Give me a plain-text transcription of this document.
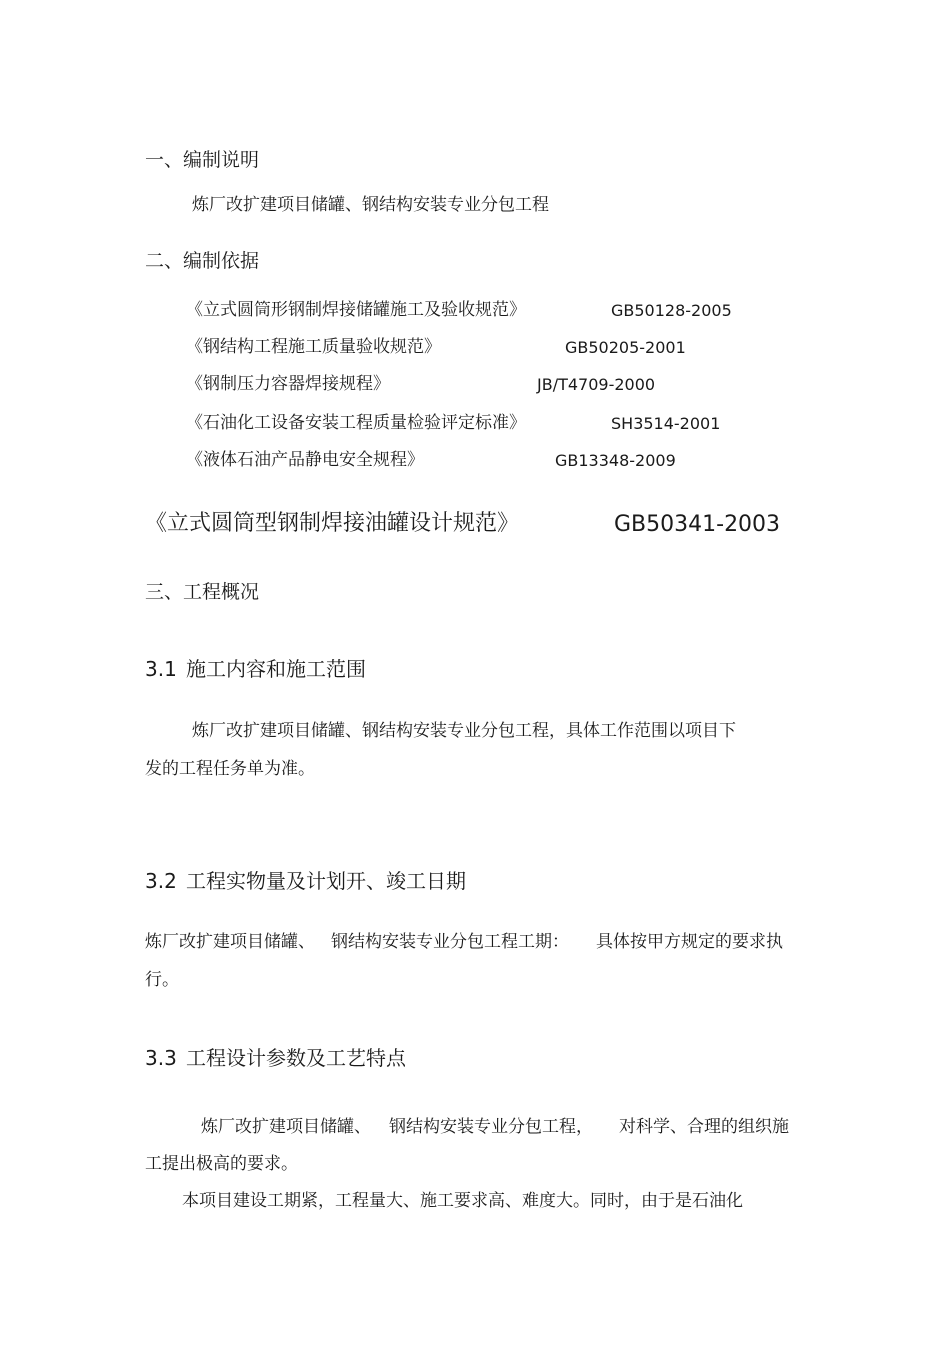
一、编制说明
炼厂改扩建项目储罐、钢结构安装专业分包工程
二、编制依据
《立式圆筒形钢制焊接储罐施工及验收规范》	GB50128-2005
《钢结构工程施工质量验收规范》	GB50205-2001
《钢制压力容器焊接规程》	JB/T4709-2000
《石油化工设备安装工程质量检验评定标准》	SH3514-2001
《液体石油产品静电安全规程》	GB13348-2009
《立式圆筒型钢制焊接油罐设计规范》	GB50341-2003
三、工程概况
3.1 施工内容和施工范围
炼厂改扩建项目储罐、钢结构安装专业分包工程，具体工作范围以项目下
发的工程任务单为准。
3.2 工程实物量及计划开、竣工日期
炼厂改扩建项目储罐、 钢结构安装专业分包工程工期： 具体按甲方规定的要求执
行。
3.3 工程设计参数及工艺特点
炼厂改扩建项目储罐、 钢结构安装专业分包工程， 对科学、合理的组织施
工提出极高的要求。
本项目建设工期紧，工程量大、施工要求高、难度大。同时，由于是石油化
